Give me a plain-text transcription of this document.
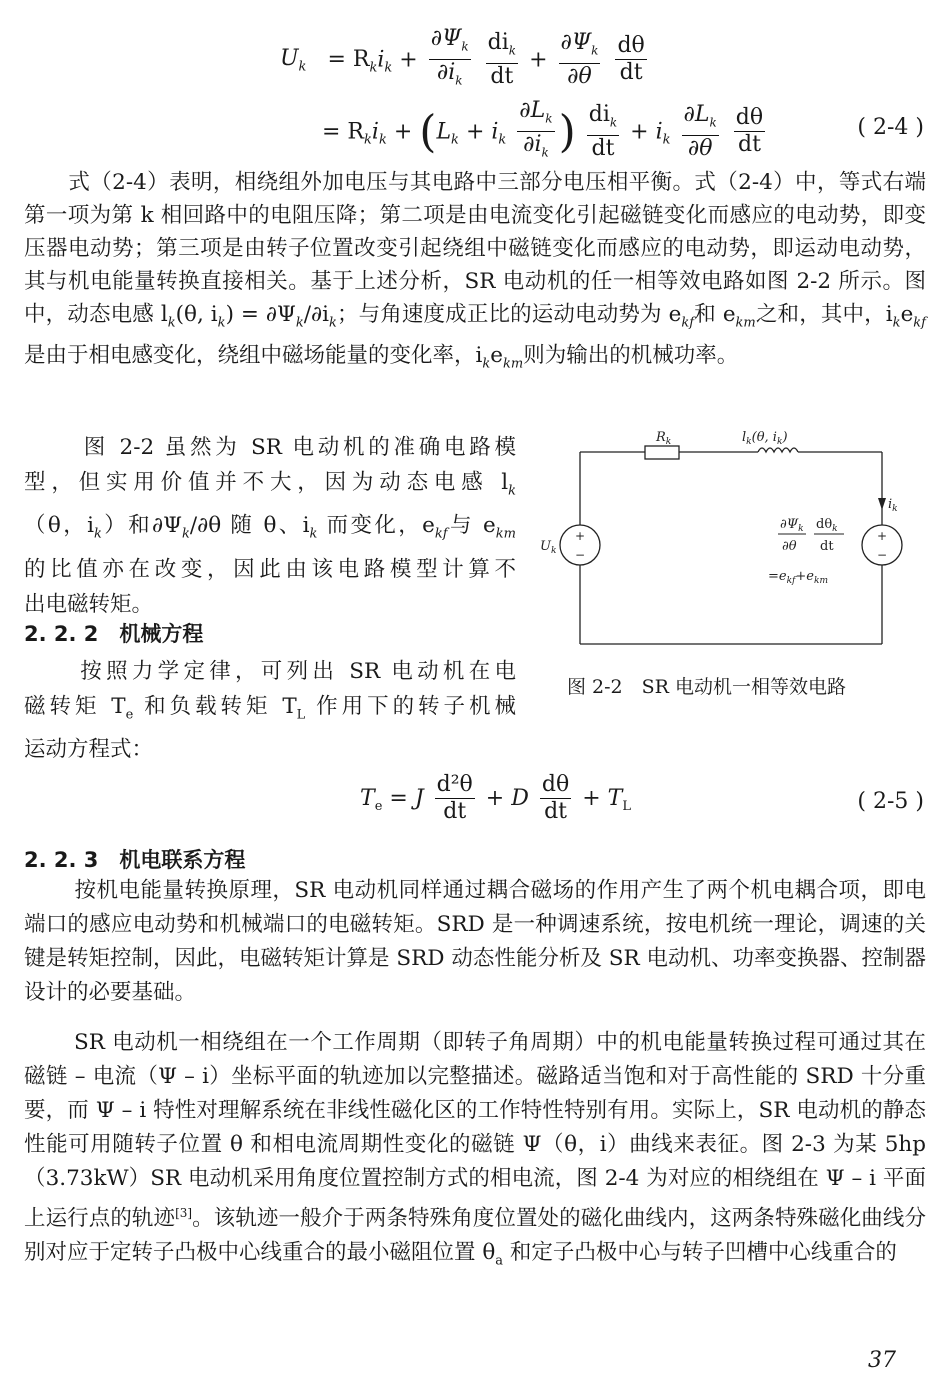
$U_k = R_ki_k + \frac{\partial\Psi_k}{\partial i_k}$
$\frac{di_k}{dt} + \frac{\partial\Psi_k}{\partial\theta}$
$\frac{d\theta}{dt}$
= $R_ki_k + (L_k + i_k \frac{\partial L_k}{\partial i_k}$ ) $\frac{di_k}{dt} + i_k \frac{\partial L_k}{\partial\theta}$
$\frac{d\theta}{dt}$	( 2-4 )
式（2-4）表明，相绕组外加电压与其电路中三部分电压相平衡。式（2-4）中，等式右端第一项为第 k 相回路中的电阻压降；第二项是由电流变化引起磁链变化而感应的电动势，即变压器电动势；第三项是由转子位置改变引起绕组中磁链变化而感应的电动势，即运动电动势，其与机电能量转换直接相关。基于上述分析，SR 电动机的任一相等效电路如图 2-2 所示。图中，动态电感 $l_k(\theta$, $i_k) = \partial\Psi_k/\partial i_k$；与角速度成正比的运动电动势为 $e_{kf}$和 $e_{km}$之和，其中，$i_ke_{kf}$是由于相电感变化，绕组中磁场能量的变化率，$i_ke_{km}$则为输出的机械功率。
图 2-2 虽然为 SR 电动机的准确电路模
型，但实用价值并不大，因为动态电感 $l_k$
（θ，$i_k$）和$\partial\Psi_k/\partial\theta$ 随 θ、$i_k$ 而变化，$e_{kf}$与 $e_{km}$
的比值亦在改变，因此由该电路模型计算不
出电磁转矩。
2. 2. 2　机械方程
按照力学定律，可列出 SR 电动机在电
磁转矩 $T_e$ 和负载转矩 $T_L$ 作用下的转子机械
运动方程式：
+
−
+
−
$R_k$	$l_k(\theta$, $i_k$)
$i_k$
$U_k$
$\partial\Psi_k$
∂θ
$d\theta_k$
dt
$=e_{kf}+e_{km}$
图 2-2　SR 电动机一相等效电路
$T_e = J \frac{\text{d²θ}}{dt} + D \frac{d\theta}{dt} + T_L$	( 2-5 )
2. 2. 3　机电联系方程
按机电能量转换原理，SR 电动机同样通过耦合磁场的作用产生了两个机电耦合项，即电端口的感应电动势和机械端口的电磁转矩。SRD 是一种调速系统，按电机统一理论，调速的关键是转矩控制，因此，电磁转矩计算是 SRD 动态性能分析及 SR 电动机、功率变换器、控制器设计的必要基础。
SR 电动机一相绕组在一个工作周期（即转子角周期）中的机电能量转换过程可通过其在磁链 – 电流（Ψ – i）坐标平面的轨迹加以完整描述。磁路适当饱和对于高性能的 SRD 十分重要，而 Ψ – i 特性对理解系统在非线性磁化区的工作特性特别有用。实际上，SR 电动机的静态性能可用随转子位置 θ 和相电流周期性变化的磁链 Ψ（θ，i）曲线来表征。图 2-3 为某 5hp（3.73kW）SR 电动机采用角度位置控制方式的相电流，图 2-4 为对应的相绕组在 Ψ – i 平面上运行点的轨迹[3]。该轨迹一般介于两条特殊角度位置处的磁化曲线内，这两条特殊磁化曲线分别对应于定转子凸极中心线重合的最小磁阻位置 $\theta_a$ 和定子凸极中心与转子凹槽中心线重合的
37
